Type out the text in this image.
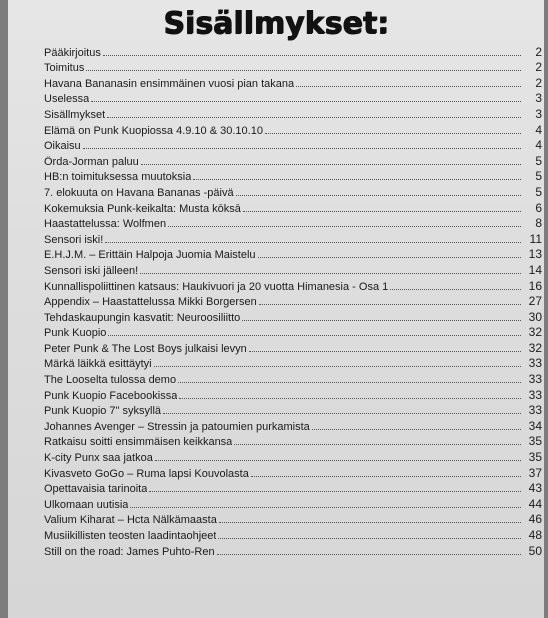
Sisällmykset:
Pääkirjoitus	2
Toimitus	2
Havana Bananasin ensimmäinen vuosi pian takana	2
Uselessa	3
Sisällmykset	3
Elämä on Punk Kuopiossa 4.9.10 & 30.10.10	4
Oikaisu	4
Örda-Jorman paluu	5
HB:n toimituksessa muutoksia	5
7. elokuuta on Havana Bananas -päivä	5
Kokemuksia Punk-keikalta: Musta kōksā	6
Haastattelussa: Wolfmen	8
Sensori iski!	11
E.H.J.M. – Erittäin Halpoja Juomia Maistelu	13
Sensori iski jälleen!	14
Kunnallispoliittinen katsaus: Haukivuori ja 20 vuotta Himanesia - Osa 1	16
Appendix – Haastattelussa Mikki Borgersen	27
Tehdaskaupungin kasvatit: Neuroosiliitto	30
Punk Kuopio	32
Peter Punk & The Lost Boys julkaisi levyn	32
Märkä läikkä esittäytyi	33
The Looselta tulossa demo	33
Punk Kuopio Facebookissa	33
Punk Kuopio 7" syksyllä	33
Johannes Avenger – Stressin ja patoumien purkamista	34
Ratkaisu soitti ensimmäisen keikkansa	35
K-city Punx saa jatkoa	35
Kivasveto GoGo – Ruma lapsi Kouvolasta	37
Opettavaisia tarinoita	43
Ulkomaan uutisia	44
Valium Kiharat – Hcta Nälkämaasta	46
Musiikillisten teosten laadintaohjeet	48
Still on the road: James Puhto-Ren	50
